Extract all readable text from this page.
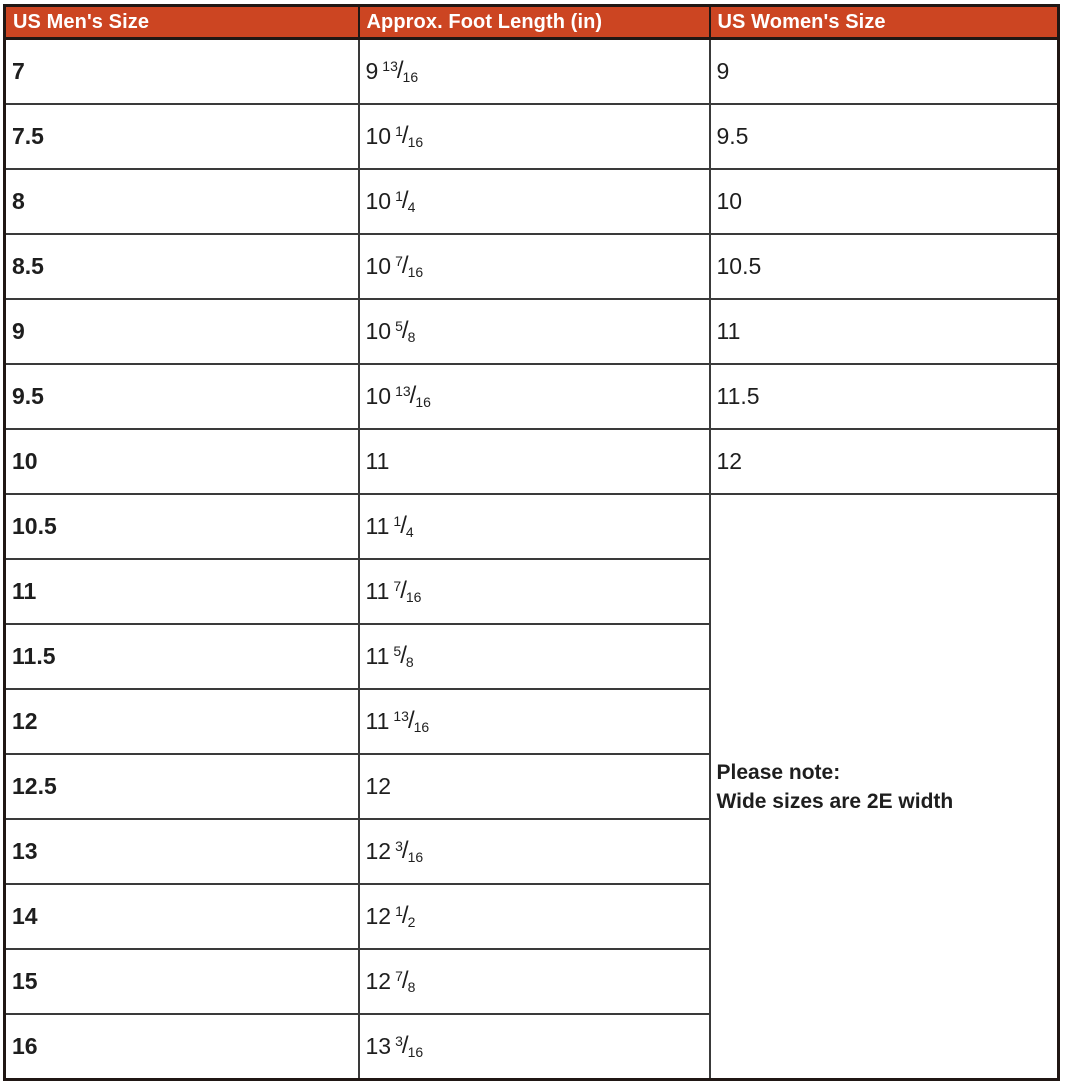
US Men's Size	Approx. Foot Length (in)	US Women's Size
7	9 $^{13}$/16	9
7.5	10 $^1$/16	9.5
8	10 $^1$/4	10
8.5	10 $^7$/16	10.5
9	10 $^5$/8	11
9.5	10 $^{13}$/16	11.5
10	11	12
10.5	11 $^1$/4	Please note:
Wide sizes are 2E width

11	11 $^7$/16	
11.5	11 $^5$/8	
12	11 $^{13}$/16	
12.5	12	
13	12 $^3$/16	
14	12 $^1$/2	
15	12 $^7$/8	
16	13 $^3$/16	
